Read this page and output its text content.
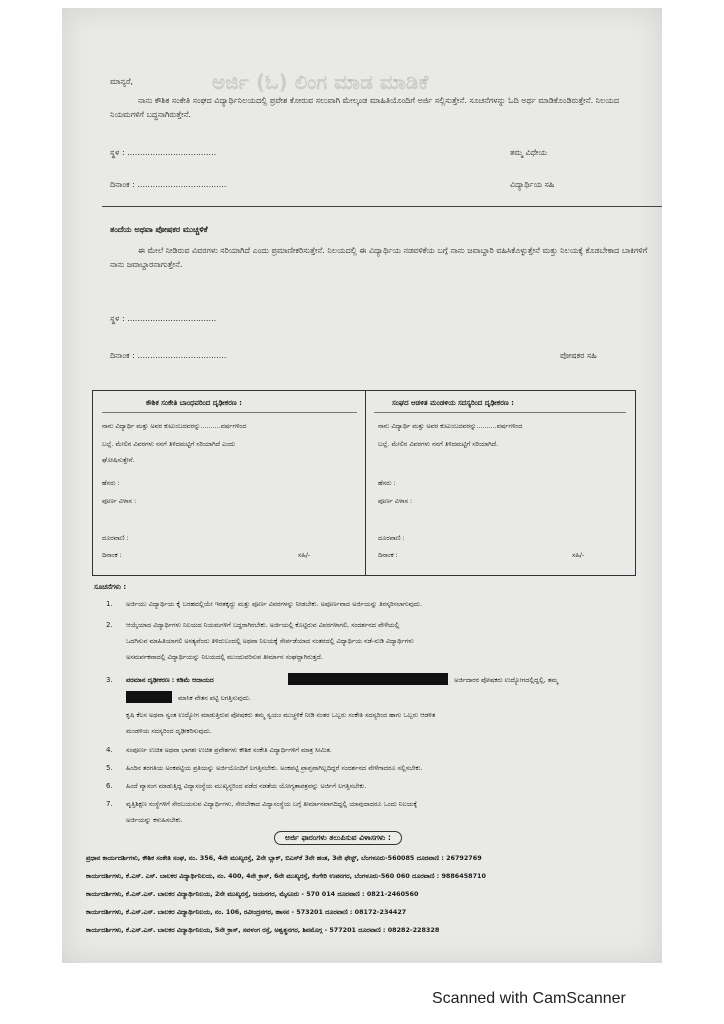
ಅರ್ಜಿ (ಓ) ಲಿಂಗ ಮಾಡ ಮಾಡಿಕೆ
ಮಾನ್ಯರೆ,
ನಾನು ಕೌಶಿಕ ಸಂಕೇತಿ ಸಂಘದ ವಿದ್ಯಾರ್ಥಿನಿಲಯದಲ್ಲಿ ಪ್ರವೇಶ ಕೋರುವ ಸಲುವಾಗಿ ಮೇಲ್ಕಂಡ ಮಾಹಿತಿಯೊಂದಿಗೆ ಅರ್ಜಿ ಸಲ್ಲಿಸುತ್ತೇನೆ. ಸೂಚನೆಗಳನ್ನು ಓದಿ ಅರ್ಥ ಮಾಡಿಕೊಂಡಿರುತ್ತೇನೆ. ನಿಲಯದ ನಿಯಮಗಳಿಗೆ ಬದ್ಧನಾಗಿರುತ್ತೇನೆ.
ಸ್ಥಳ : ...................................	ತಮ್ಮ ವಿಧೇಯ
ದಿನಾಂಕ : ...................................	ವಿದ್ಯಾರ್ಥಿಯ ಸಹಿ
ತಂದೆಯ ಅಥವಾ ಪೋಷಕರ ಮುಚ್ಚಳಿಕೆ
ಈ ಮೇಲೆ ನೀಡಿರುವ ವಿವರಗಳು ಸರಿಯಾಗಿದೆ ಎಂದು ಪ್ರಮಾಣೀಕರಿಸುತ್ತೇನೆ. ನಿಲಯದಲ್ಲಿ ಈ ವಿದ್ಯಾರ್ಥಿಯ ನಡವಳಿಕೆಯ ಬಗ್ಗೆ ನಾನು ಜವಾಬ್ದಾರಿ ವಹಿಸಿಕೊಳ್ಳುತ್ತೇನೆ ಮತ್ತು ನಿಲಯಕ್ಕೆ ಕೊಡಬೇಕಾದ ಬಾಕಿಗಳಿಗೆ ನಾನು ಜವಾಬ್ದಾರನಾಗುತ್ತೇನೆ.
ಸ್ಥಳ : ...................................
ದಿನಾಂಕ : ...................................	ಪೋಷಕರ ಸಹಿ
ಕೌಶಿಕ ಸಂಕೇತಿ ಬಾಂಧವರಿಂದ ದೃಢೀಕರಣ :
ನಾನು ವಿದ್ಯಾರ್ಥಿ ಮತ್ತು ಅವರ ಕುಟುಂಬದವರನ್ನು..........ವರ್ಷಗಳಿಂದ
ಬಲ್ಲೆ. ಮೇಲಿನ ವಿವರಗಳು ನನಗೆ ತಿಳಿದಮಟ್ಟಿಗೆ ಸರಿಯಾಗಿದೆ ಎಂದು
ಘೋಷಿಸುತ್ತೇನೆ.
ಹೆಸರು :
ಪೂರ್ಣ ವಿಳಾಸ :
ದೂರವಾಣಿ :
ದಿನಾಂಕ :	ಸಹಿ/-
ಸಂಘದ ಆಡಳಿತ ಮಂಡಳಿಯ ಸದಸ್ಯರಿಂದ ದೃಢೀಕರಣ :
ನಾನು ವಿದ್ಯಾರ್ಥಿ ಮತ್ತು ಅವರ ಕುಟುಂಬದವರನ್ನು..........ವರ್ಷಗಳಿಂದ
ಬಲ್ಲೆ. ಮೇಲಿನ ವಿವರಗಳು ನನಗೆ ತಿಳಿದಮಟ್ಟಿಗೆ ಸರಿಯಾಗಿದೆ.
ಹೆಸರು :
ಪೂರ್ಣ ವಿಳಾಸ :
ದೂರವಾಣಿ :
ದಿನಾಂಕ :	ಸಹಿ/-
ಸೂಚನೆಗಳು :
1. ಅರ್ಜಿಯು ವಿದ್ಯಾರ್ಥಿಯ ಕೈ ಬರಹದಲ್ಲಿಯೇ ಇರತಕ್ಕದ್ದು ಮತ್ತು ಪೂರ್ಣ ವಿವರಗಳನ್ನು ನೀಡಬೇಕು. ಅಪೂರ್ಣವಾದ ಅರ್ಜಿಯನ್ನು ತಿರಸ್ಕರಿಸಲಾಗುವುದು.
2. ಆಯ್ಕೆಯಾದ ವಿದ್ಯಾರ್ಥಿಗಳು ನಿಲಯದ ನಿಯಮಗಳಿಗೆ ಬದ್ಧರಾಗಿರಬೇಕು. ಅರ್ಜಿಯಲ್ಲಿ ಕೊಟ್ಟಿರುವ ವಿವರಗಳಾಗಲಿ, ಸಂದರ್ಶನದ ವೇಳೆಯಲ್ಲಿ
ಒದಗಿಸುವ ಮಾಹಿತಿಯಾಗಲಿ ಅಸತ್ಯವೆಂದು ತಿಳಿದುಬಂದಲ್ಲಿ ಅಥವಾ ನಿಲಯಕ್ಕೆ ಸೇರ್ಪಡೆಯಾದ ನಂತರದಲ್ಲಿ ವಿದ್ಯಾರ್ಥಿಯ ನಡೆ-ನುಡಿ ವಿದ್ಯಾರ್ಥಿಗಳು
ಅಸಮರ್ಪಕವಾದಲ್ಲಿ ವಿದ್ಯಾರ್ಥಿಯನ್ನು ನಿಲಯದಲ್ಲಿ ಮುಂದುವರಿಸುವ ತೀರ್ಮಾನ ಸಂಘದ್ದಾಗಿರುತ್ತದೆ.
3. ವರಮಾನ ದೃಢೀಕರಣ : ಕಡಿಮೆ ಆದಾಯದ	ಅರ್ಜಿದಾರರ ಪೋಷಕರು ಉದ್ಯೋಗದಲ್ಲಿದ್ದಲ್ಲಿ, ತಮ್ಮ
ಮಾಸಿಕ ವೇತನ ಪಟ್ಟಿ ಲಗತ್ತಿಸುವುದು.
ಕೃಷಿ ಕೆಲಸ ಅಥವಾ ಸ್ವಂತ ಉದ್ಯೋಗ ಮಾಡುತ್ತಿರುವ ಪೋಷಕರು ತಮ್ಮ ಸ್ವಯಂ ಮುಚ್ಚಳಿಕೆ ನೀಡಿ ನಂತರ ಒಬ್ಬರು ಸಂಕೇತಿ ಸದಸ್ಯರಿಂದ ಹಾಗು ಒಬ್ಬರು ಆಡಳಿತ
ಮಂಡಳಿಯ ಸದಸ್ಯರಿಂದ ದೃಢೀಕರಿಸುವುದು.
4. ಸಂಪೂರ್ಣ ಉಚಿತ ಅಥವಾ ಭಾಗಶಃ ಉಚಿತ ಪ್ರವೇಶಗಳು ಕೌಶಿಕ ಸಂಕೇತಿ ವಿದ್ಯಾರ್ಥಿಗಳಿಗೆ ಮಾತ್ರ ಸೀಮಿತ.
5. ಹಿಂದಿನ ತರಗತಿಯ ಅಂಕಪಟ್ಟಿಯ ಪ್ರತಿಯನ್ನು ಅರ್ಜಿಯೊಂದಿಗೆ ಲಗತ್ತಿಸಬೇಕು. ಅಂಕಪಟ್ಟಿ ಪ್ರಾಪ್ತವಾಗಿಲ್ಲದಿದ್ದರೆ ಸಂದರ್ಶನದ ವೇಳೆಗಾದರೂ ಸಲ್ಲಿಸಬೇಕು.
6. ಹಿಂದೆ ವ್ಯಾಸಂಗ ಮಾಡುತ್ತಿದ್ದ ವಿದ್ಯಾಸಂಸ್ಥೆಯ ಮುಖ್ಯಸ್ಥರಿಂದ ಪಡೆದ ನಡತೆಯ ಯೋಗ್ಯತಾಪತ್ರವನ್ನು ಅರ್ಜಿಗೆ ಲಗತ್ತಿಸಬೇಕು.
7. ವೃತ್ತಿಶಿಕ್ಷಣ ಸಂಸ್ಥೆಗಳಿಗೆ ಸೇರಬಯಸುವ ವಿದ್ಯಾರ್ಥಿಗಳು, ಸೇರಬೇಕಾದ ವಿದ್ಯಾಸಂಸ್ಥೆಯ ಬಗ್ಗೆ ತೀರ್ಮಾನವಾಗದಿದ್ದಲ್ಲಿ ಯಾವುದಾದರೂ ಒಂದು ನಿಲಯಕ್ಕೆ
ಅರ್ಜಿಯನ್ನು ಕಳುಹಿಸಬೇಕು.
ಅರ್ಜಿ ಫಾರಂಗಳು ತಲುಪಿಸುವ ವಿಳಾಸಗಳು :
ಪ್ರಧಾನ ಕಾರ್ಯದರ್ಶಿಗಳು, ಕೌಶಿಕ ಸಂಕೇತಿ ಸಂಘ, ನಂ. 356, 4ನೇ ಮುಖ್ಯರಸ್ತೆ, 2ನೇ ಬ್ಲಾಕ್, ಬಿಎಸ್‌ಕೆ 3ನೇ ಹಂತ, 3ನೇ ಫೇಸ್ಟ್, ಬೆಂಗಳೂರು-560085 ದೂರವಾಣಿ : 26792769
ಕಾರ್ಯದರ್ಶಿಗಳು, ಕೆ.ಎಸ್. ಎಸ್. ಬಾಲಕರ ವಿದ್ಯಾರ್ಥಿನಿಲಯ, ನಂ. 400, 4ನೇ ಕ್ರಾಸ್, 6ನೇ ಮುಖ್ಯರಸ್ತೆ, ಕೆಂಗೇರಿ ಉಪನಗರ, ಬೆಂಗಳೂರು-560 060 ದೂರವಾಣಿ : 9886458710
ಕಾರ್ಯದರ್ಶಿಗಳು, ಕೆ.ಎಸ್.ಎಸ್. ಬಾಲಕರ ವಿದ್ಯಾರ್ಥಿನಿಲಯ, 2ನೇ ಮುಖ್ಯರಸ್ತೆ, ಜಯನಗರ, ಮೈಸೂರು - 570 014 ದೂರವಾಣಿ : 0821-2460560
ಕಾರ್ಯದರ್ಶಿಗಳು, ಕೆ.ಎಸ್.ಎಸ್. ಬಾಲಕರ ವಿದ್ಯಾರ್ಥಿನಿಲಯ, ನಂ. 106, ರವೀಂದ್ರನಗರ, ಹಾಸನ - 573201 ದೂರವಾಣಿ : 08172-234427
ಕಾರ್ಯದರ್ಶಿಗಳು, ಕೆ.ಎಸ್.ಎಸ್. ಬಾಲಕರ ವಿದ್ಯಾರ್ಥಿನಿಲಯ, 5ನೇ ಕ್ರಾಸ್, ಸವಳಂಗ ರಸ್ತೆ, ಅಶ್ವತ್ಥನಗರ, ಶಿವಮೊಗ್ಗ - 577201 ದೂರವಾಣಿ : 08282-228328
Scanned with CamScanner
